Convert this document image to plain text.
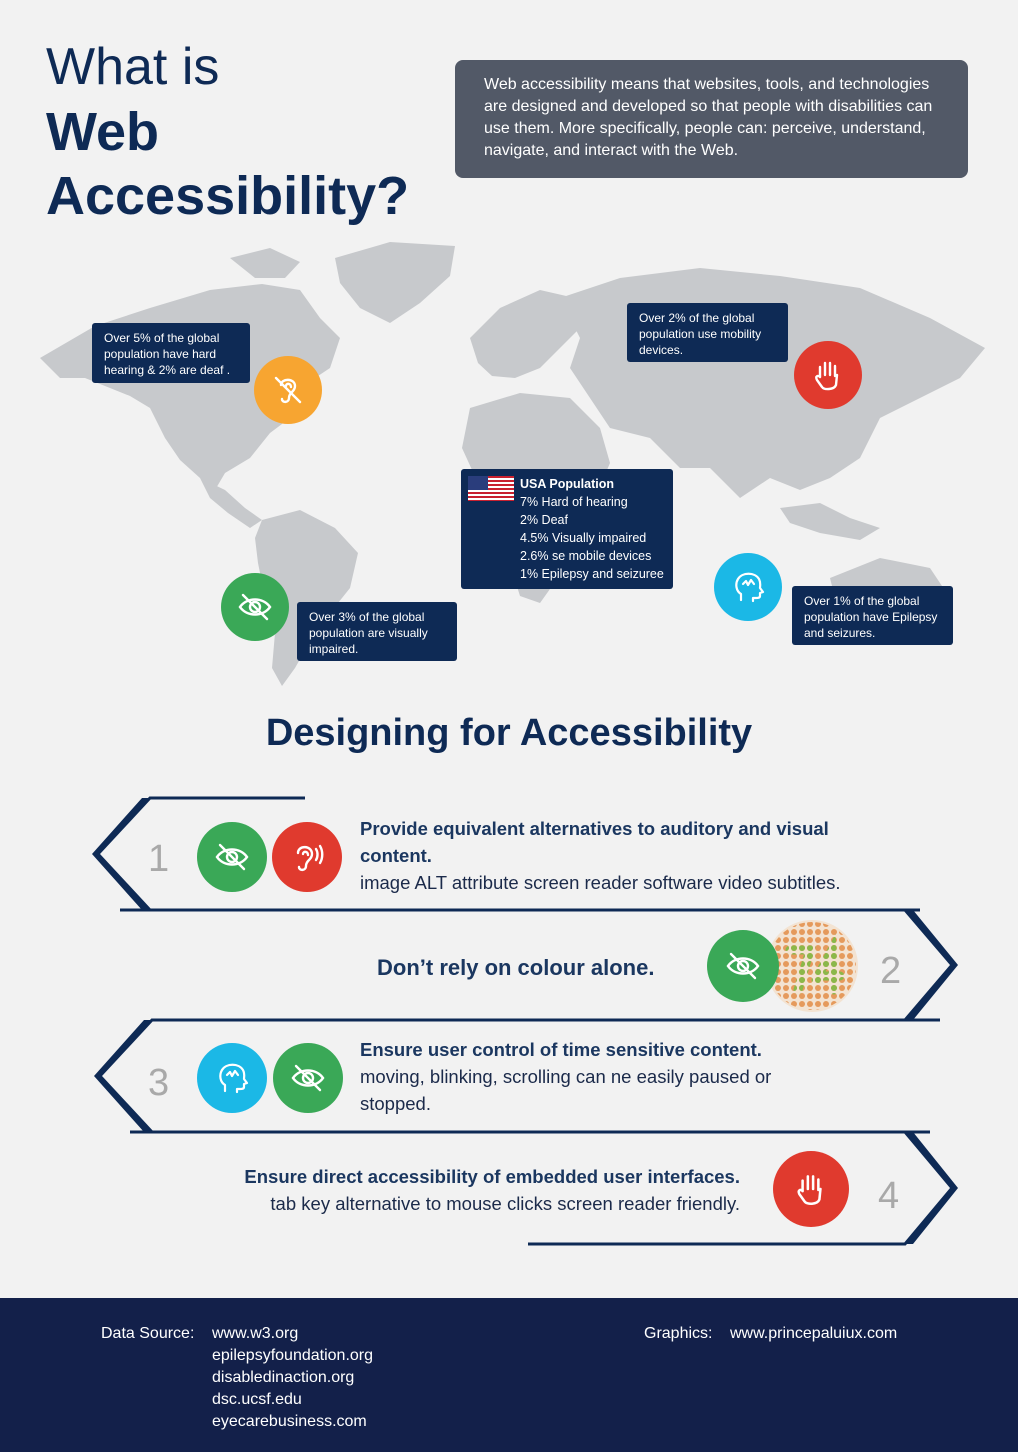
What is
Web
Accessibility?
Web accessibility means that websites, tools, and technologies are designed and developed so that people with disabilities can use them. More specifically, people can: perceive, understand, navigate, and interact with the Web.
Over 5% of the global population have hard hearing & 2% are deaf .
Over 2% of the global population use mobility devices.
Over 3% of the global population are visually impaired.
Over 1% of the global population have Epilepsy and seizures.
USA Population
7% Hard of hearing
2% Deaf
4.5% Visually impaired
2.6% se mobile devices
1% Epilepsy and seizuree
Designing for Accessibility
1
Provide equivalent alternatives to auditory and visual
content.
image ALT attribute screen reader software video subtitles.
Don’t rely on colour alone.	2
3
Ensure user control of time sensitive content.
moving, blinking, scrolling can ne easily paused or
stopped.
Ensure direct accessibility of embedded user interfaces.
tab key alternative to mouse clicks screen reader friendly.	4
Data Source: www.w3.org
epilepsyfoundation.org
disabledinaction.org
dsc.ucsf.edu
eyecarebusiness.com
Graphics: www.princepaluiux.com
